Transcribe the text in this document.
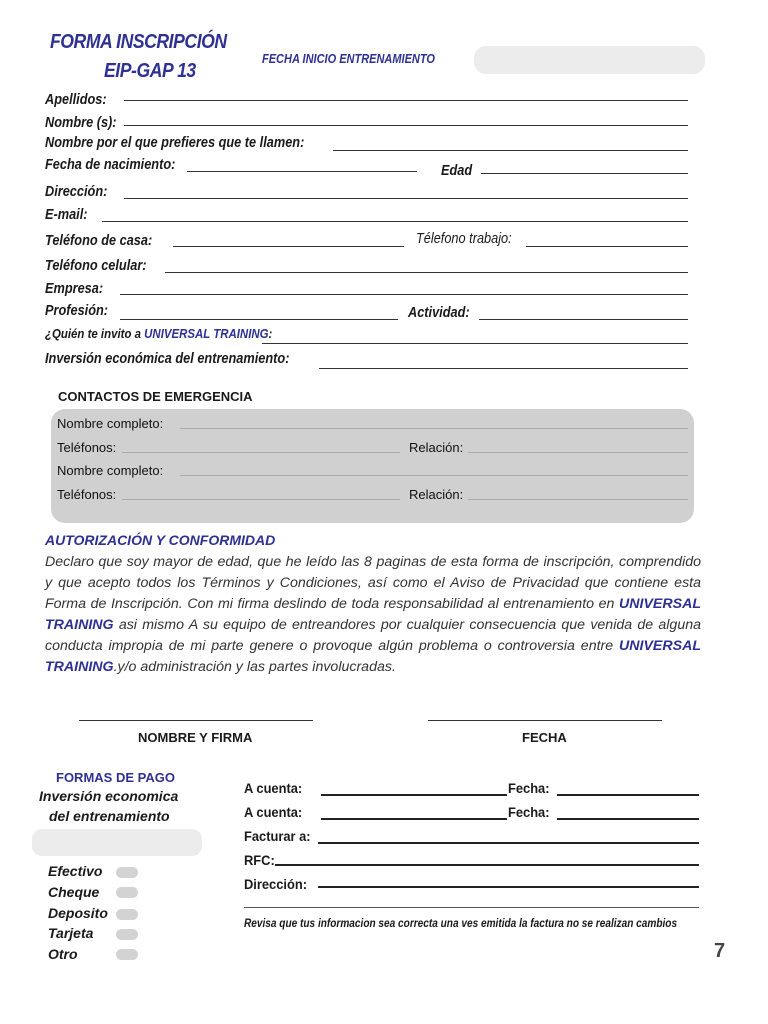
FORMA INSCRIPCIÓN
EIP-GAP 13
FECHA INICIO ENTRENAMIENTO
Apellidos:
Nombre (s):
Nombre por el que prefieres que te llamen:
Fecha de nacimiento:	Edad
Dirección:
E-mail:
Teléfono de casa:	Télefono trabajo:
Teléfono celular:
Empresa:
Profesión:	Actividad:
¿Quién te invito a UNIVERSAL TRAINING:
Inversión económica del entrenamiento:
CONTACTOS DE EMERGENCIA
Nombre completo:
Teléfonos:	Relación:
Nombre completo:
Teléfonos:	Relación:
AUTORIZACIÓN Y CONFORMIDAD
Declaro que soy mayor de edad, que he leído las 8 paginas de esta forma de inscripción, comprendido y que acepto todos los Términos y Condiciones, así como el Aviso de Privacidad que contiene esta Forma de Inscripción. Con mi firma deslindo de toda responsabilidad al entrenamiento en UNIVERSAL TRAINING asi mismo A su equipo de entreandores por cualquier consecuencia que venida de alguna conducta impropia de mi parte genere o provoque algún problema o controversia entre UNIVERSAL TRAINING.y/o administración y las partes involucradas.
NOMBRE Y FIRMA	FECHA
FORMAS DE PAGO
Inversión economica
del entrenamiento
Efectivo
Cheque
Deposito
Tarjeta
Otro
A cuenta:	Fecha:
A cuenta:	Fecha:
Facturar a:
RFC:
Dirección:
Revisa que tus informacion sea correcta una ves emitida la factura no se realizan cambios
7
